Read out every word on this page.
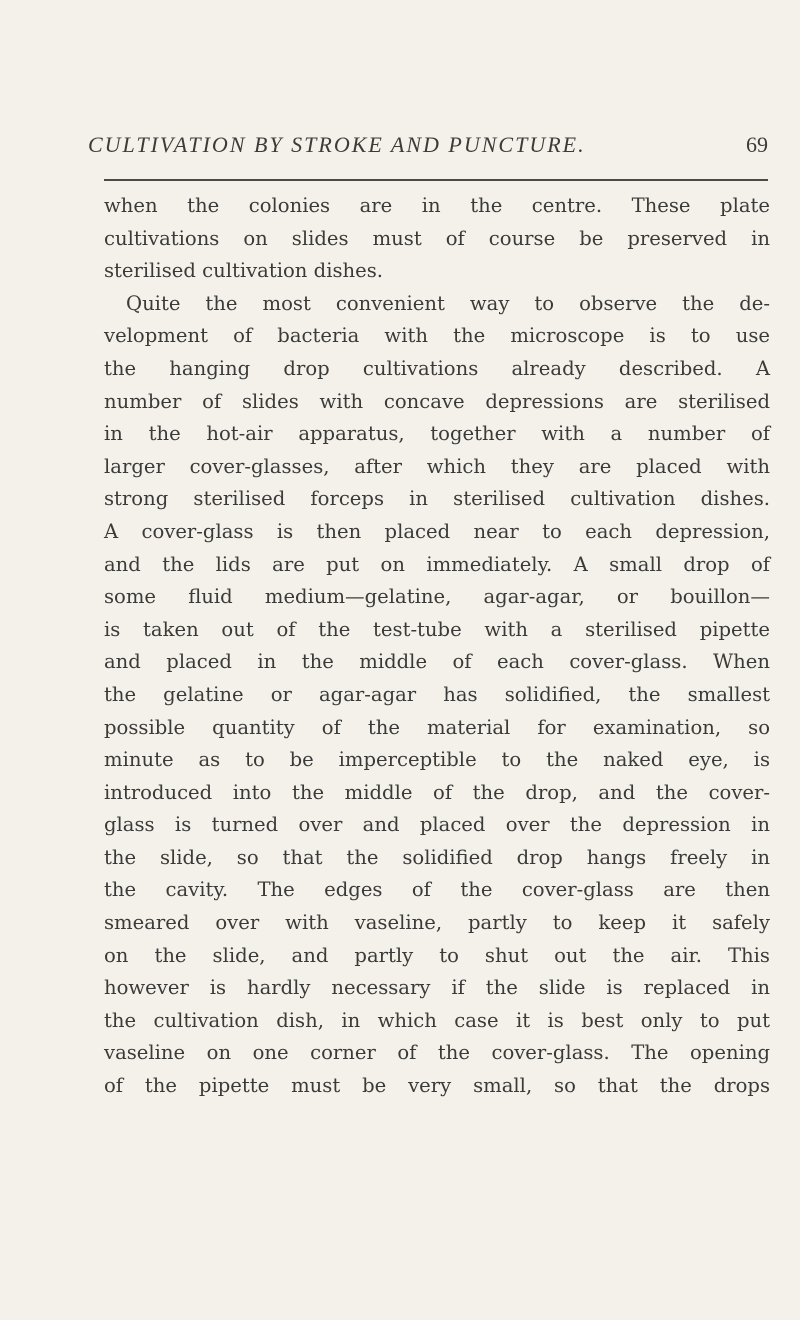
CULTIVATION BY STROKE AND PUNCTURE.	69
when the colonies are in the centre. These plate
cultivations on slides must of course be preserved in
sterilised cultivation dishes.
Quite the most convenient way to observe the de-
velopment of bacteria with the microscope is to use
the hanging drop cultivations already described. A
number of slides with concave depressions are sterilised
in the hot-air apparatus, together with a number of
larger cover-glasses, after which they are placed with
strong sterilised forceps in sterilised cultivation dishes.
A cover-glass is then placed near to each depression,
and the lids are put on immediately. A small drop of
some fluid medium—gelatine, agar-agar, or bouillon—
is taken out of the test-tube with a sterilised pipette
and placed in the middle of each cover-glass. When
the gelatine or agar-agar has solidified, the smallest
possible quantity of the material for examination, so
minute as to be imperceptible to the naked eye, is
introduced into the middle of the drop, and the cover-
glass is turned over and placed over the depression in
the slide, so that the solidified drop hangs freely in
the cavity. The edges of the cover-glass are then
smeared over with vaseline, partly to keep it safely
on the slide, and partly to shut out the air. This
however is hardly necessary if the slide is replaced in
the cultivation dish, in which case it is best only to put
vaseline on one corner of the cover-glass. The opening
of the pipette must be very small, so that the drops
